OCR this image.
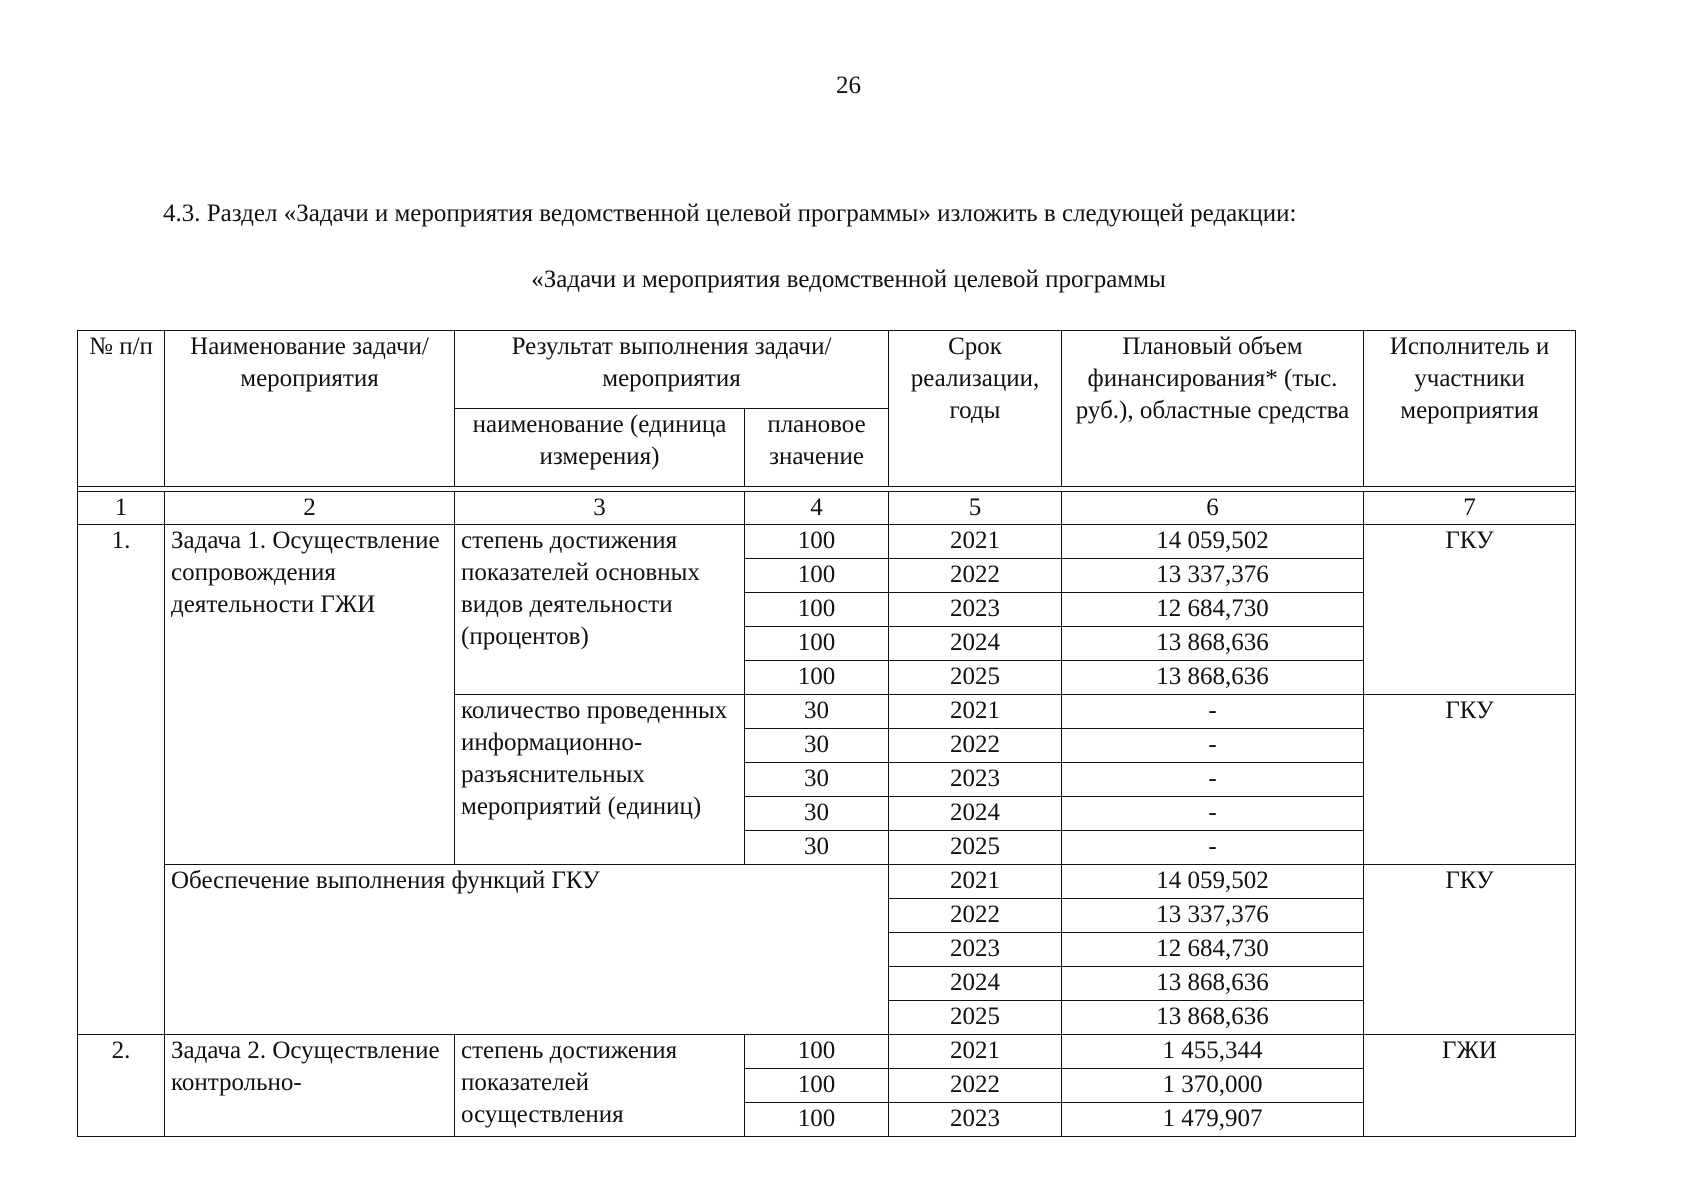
26
4.3. Раздел «Задачи и мероприятия ведомственной целевой программы» изложить в следующей редакции:
«Задачи и мероприятия ведомственной целевой программы
№ п/п	Наименование задачи/мероприятия	Результат выполнения задачи/мероприятия		Срок реализации, годы	Плановый объем финансирования* (тыс. руб.), областные средства	Исполнитель и участники мероприятия
		наименование (единица измерения)	плановое значение			

1	2	3	4	5	6	7
1.	Задача 1. Осуществление сопровождения деятельности ГЖИ	степень достижения показателей основных видов деятельности (процентов)	100	2021	14 059,502	ГКУ
			100	2022	13 337,376	
			100	2023	12 684,730	
			100	2024	13 868,636	
			100	2025	13 868,636	
		количество проведенных информационно-разъяснительных мероприятий (единиц)	30	2021	-	ГКУ
			30	2022	-	
			30	2023	-	
			30	2024	-	
			30	2025	-	
	Обеспечение выполнения функций ГКУ			2021	14 059,502	ГКУ
				2022	13 337,376	
				2023	12 684,730	
				2024	13 868,636	
				2025	13 868,636	
2.	Задача 2. Осуществление контрольно-	степень достижения показателей осуществления	100	2021	1 455,344	ГЖИ
			100	2022	1 370,000	
			100	2023	1 479,907	
